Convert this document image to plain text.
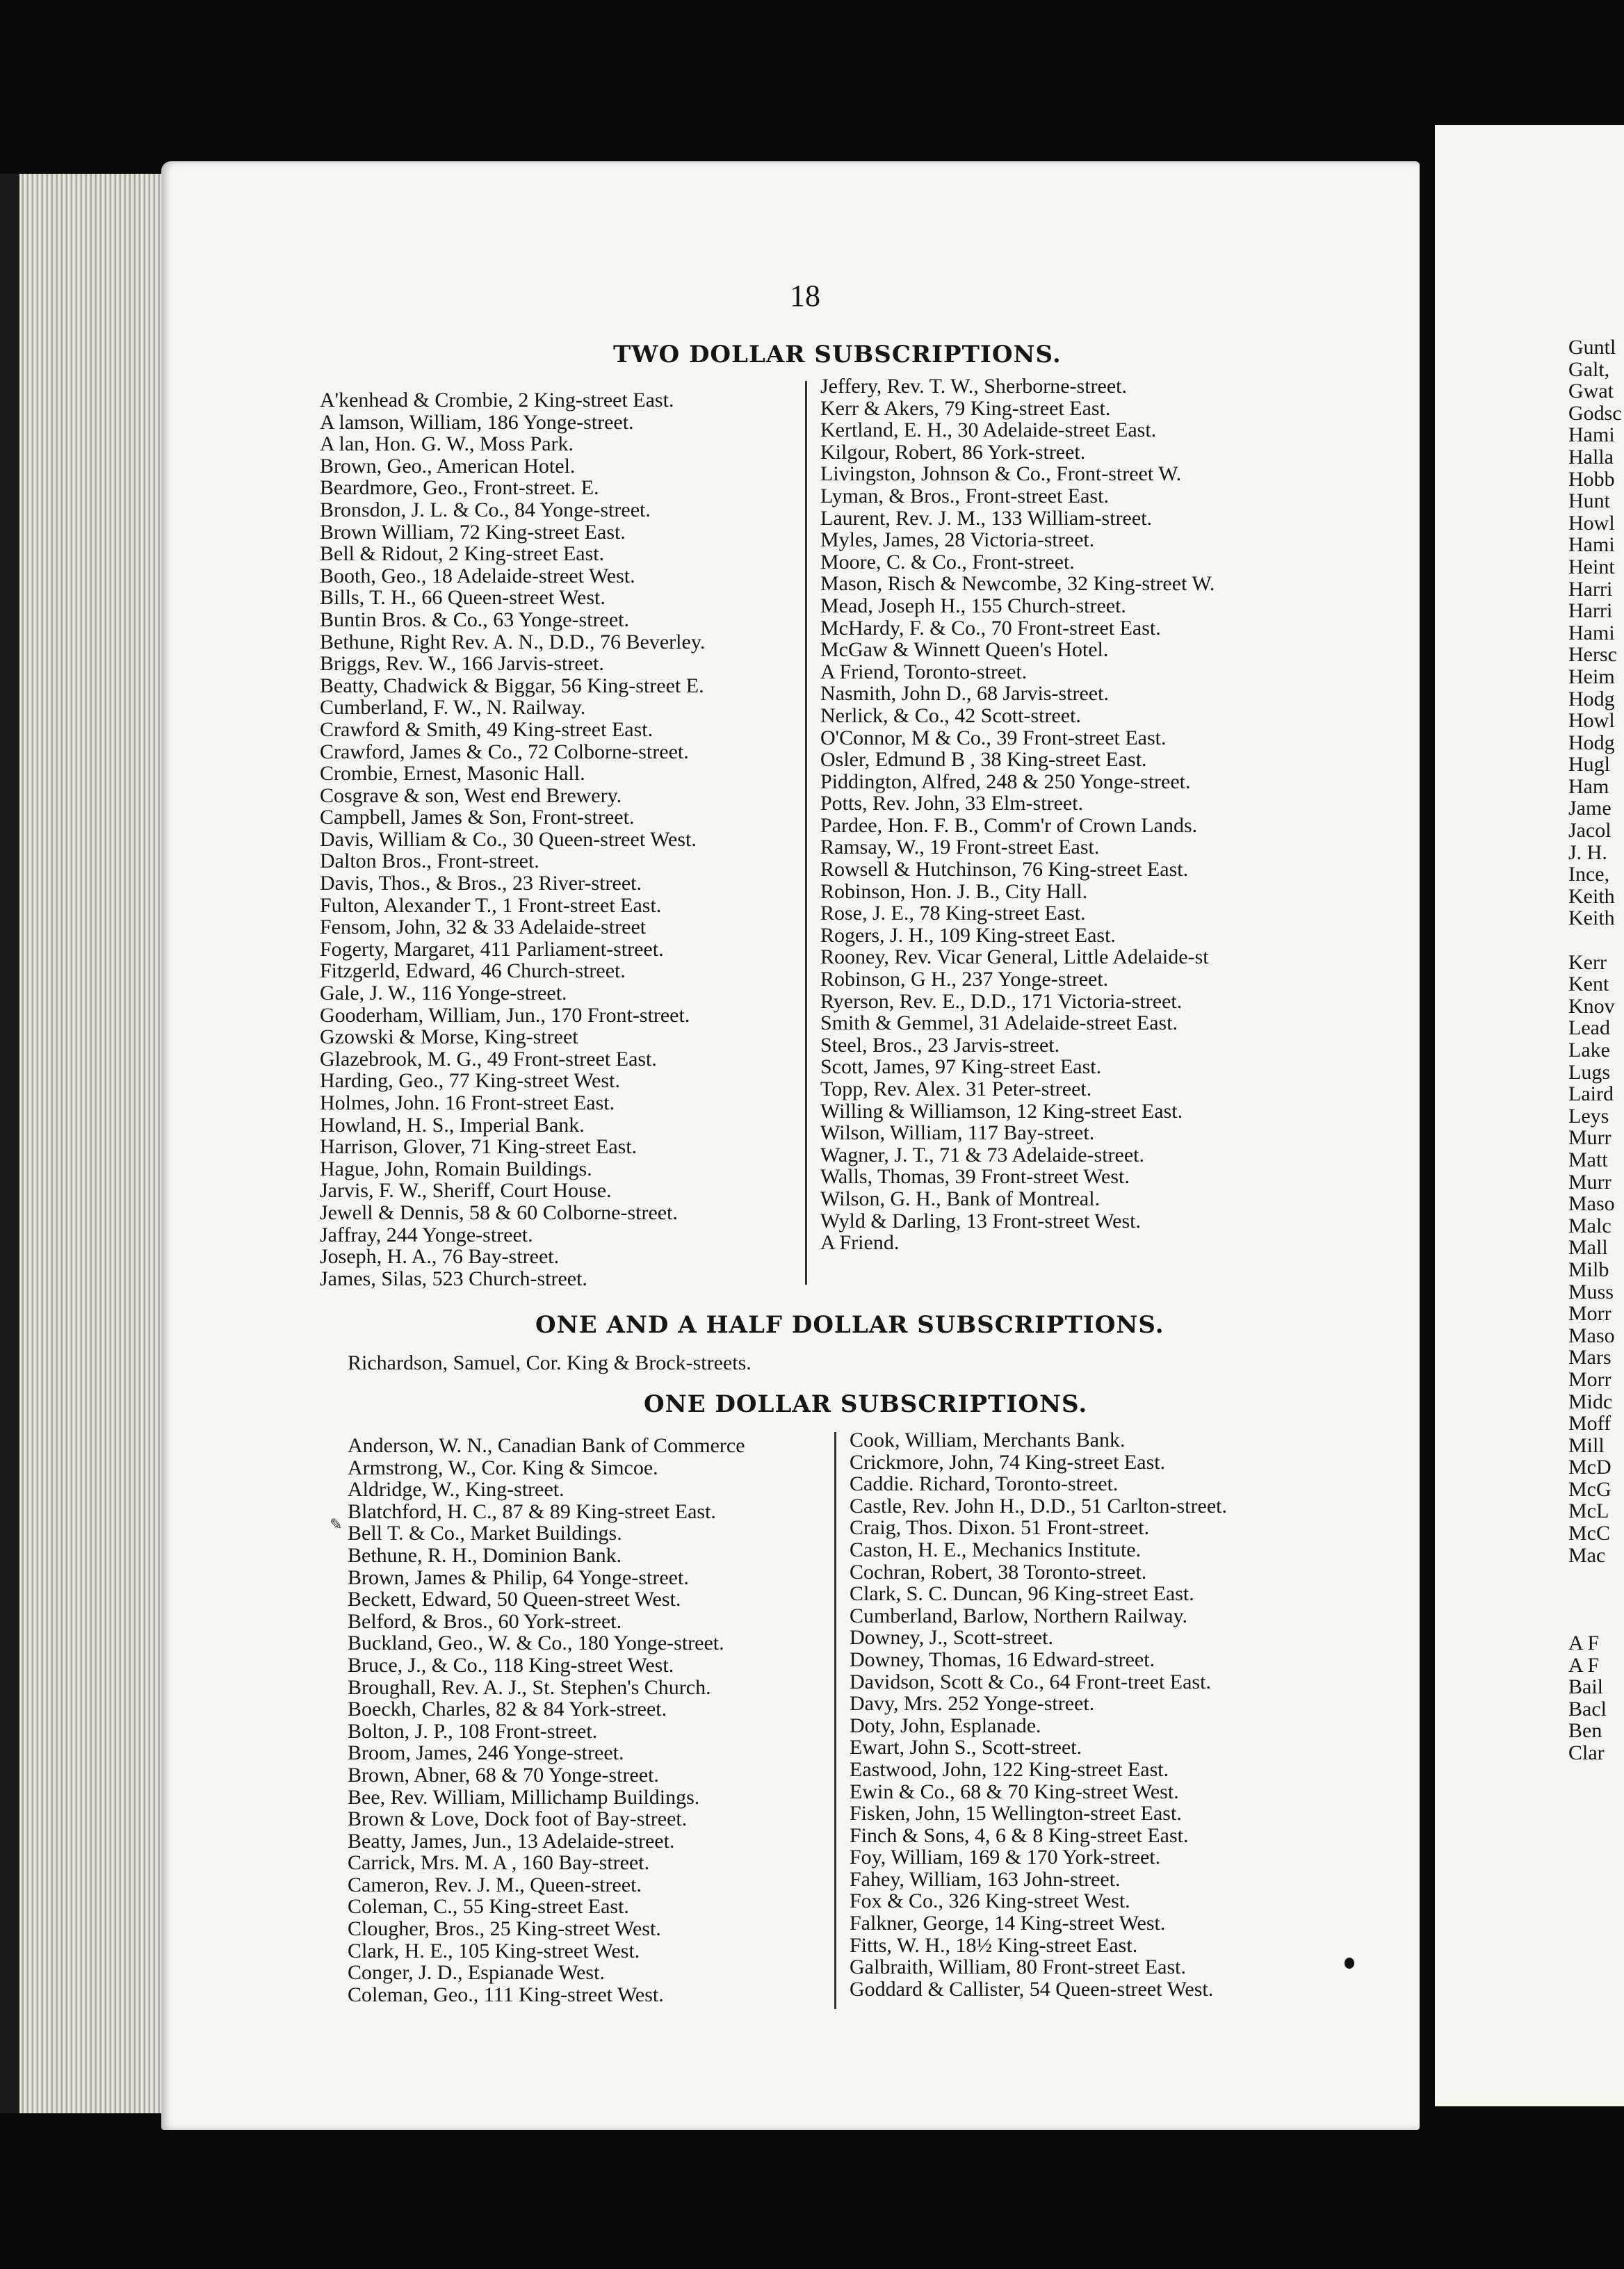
18
TWO DOLLAR SUBSCRIPTIONS.
A'kenhead & Crombie, 2 King-street East.
A lamson, William, 186 Yonge-street.
A lan, Hon. G. W., Moss Park.
Brown, Geo., American Hotel.
Beardmore, Geo., Front-street. E.
Bronsdon, J. L. & Co., 84 Yonge-street.
Brown William, 72 King-street East.
Bell & Ridout, 2 King-street East.
Booth, Geo., 18 Adelaide-street West.
Bills, T. H., 66 Queen-street West.
Buntin Bros. & Co., 63 Yonge-street.
Bethune, Right Rev. A. N., D.D., 76 Beverley.
Briggs, Rev. W., 166 Jarvis-street.
Beatty, Chadwick & Biggar, 56 King-street E.
Cumberland, F. W., N. Railway.
Crawford & Smith, 49 King-street East.
Crawford, James & Co., 72 Colborne-street.
Crombie, Ernest, Masonic Hall.
Cosgrave & son, West end Brewery.
Campbell, James & Son, Front-street.
Davis, William & Co., 30 Queen-street West.
Dalton Bros., Front-street.
Davis, Thos., & Bros., 23 River-street.
Fulton, Alexander T., 1 Front-street East.
Fensom, John, 32 & 33 Adelaide-street
Fogerty, Margaret, 411 Parliament-street.
Fitzgerld, Edward, 46 Church-street.
Gale, J. W., 116 Yonge-street.
Gooderham, William, Jun., 170 Front-street.
Gzowski & Morse, King-street
Glazebrook, M. G., 49 Front-street East.
Harding, Geo., 77 King-street West.
Holmes, John. 16 Front-street East.
Howland, H. S., Imperial Bank.
Harrison, Glover, 71 King-street East.
Hague, John, Romain Buildings.
Jarvis, F. W., Sheriff, Court House.
Jewell & Dennis, 58 & 60 Colborne-street.
Jaffray, 244 Yonge-street.
Joseph, H. A., 76 Bay-street.
James, Silas, 523 Church-street.
Jeffery, Rev. T. W., Sherborne-street.
Kerr & Akers, 79 King-street East.
Kertland, E. H., 30 Adelaide-street East.
Kilgour, Robert, 86 York-street.
Livingston, Johnson & Co., Front-street W.
Lyman, & Bros., Front-street East.
Laurent, Rev. J. M., 133 William-street.
Myles, James, 28 Victoria-street.
Moore, C. & Co., Front-street.
Mason, Risch & Newcombe, 32 King-street W.
Mead, Joseph H., 155 Church-street.
McHardy, F. & Co., 70 Front-street East.
McGaw & Winnett Queen's Hotel.
A Friend, Toronto-street.
Nasmith, John D., 68 Jarvis-street.
Nerlick, & Co., 42 Scott-street.
O'Connor, M & Co., 39 Front-street East.
Osler, Edmund B , 38 King-street East.
Piddington, Alfred, 248 & 250 Yonge-street.
Potts, Rev. John, 33 Elm-street.
Pardee, Hon. F. B., Comm'r of Crown Lands.
Ramsay, W., 19 Front-street East.
Rowsell & Hutchinson, 76 King-street East.
Robinson, Hon. J. B., City Hall.
Rose, J. E., 78 King-street East.
Rogers, J. H., 109 King-street East.
Rooney, Rev. Vicar General, Little Adelaide-st
Robinson, G H., 237 Yonge-street.
Ryerson, Rev. E., D.D., 171 Victoria-street.
Smith & Gemmel, 31 Adelaide-street East.
Steel, Bros., 23 Jarvis-street.
Scott, James, 97 King-street East.
Topp, Rev. Alex. 31 Peter-street.
Willing & Williamson, 12 King-street East.
Wilson, William, 117 Bay-street.
Wagner, J. T., 71 & 73 Adelaide-street.
Walls, Thomas, 39 Front-street West.
Wilson, G. H., Bank of Montreal.
Wyld & Darling, 13 Front-street West.
A Friend.
ONE AND A HALF DOLLAR SUBSCRIPTIONS.
Richardson, Samuel, Cor. King & Brock-streets.
ONE DOLLAR SUBSCRIPTIONS.
Anderson, W. N., Canadian Bank of Commerce
Armstrong, W., Cor. King & Simcoe.
Aldridge, W., King-street.
Blatchford, H. C., 87 & 89 King-street East.
Bell T. & Co., Market Buildings.
Bethune, R. H., Dominion Bank.
Brown, James & Philip, 64 Yonge-street.
Beckett, Edward, 50 Queen-street West.
Belford, & Bros., 60 York-street.
Buckland, Geo., W. & Co., 180 Yonge-street.
Bruce, J., & Co., 118 King-street West.
Broughall, Rev. A. J., St. Stephen's Church.
Boeckh, Charles, 82 & 84 York-street.
Bolton, J. P., 108 Front-street.
Broom, James, 246 Yonge-street.
Brown, Abner, 68 & 70 Yonge-street.
Bee, Rev. William, Millichamp Buildings.
Brown & Love, Dock foot of Bay-street.
Beatty, James, Jun., 13 Adelaide-street.
Carrick, Mrs. M. A , 160 Bay-street.
Cameron, Rev. J. M., Queen-street.
Coleman, C., 55 King-street East.
Clougher, Bros., 25 King-street West.
Clark, H. E., 105 King-street West.
Conger, J. D., Espianade West.
Coleman, Geo., 111 King-street West.
Cook, William, Merchants Bank.
Crickmore, John, 74 King-street East.
Caddie. Richard, Toronto-street.
Castle, Rev. John H., D.D., 51 Carlton-street.
Craig, Thos. Dixon. 51 Front-street.
Caston, H. E., Mechanics Institute.
Cochran, Robert, 38 Toronto-street.
Clark, S. C. Duncan, 96 King-street East.
Cumberland, Barlow, Northern Railway.
Downey, J., Scott-street.
Downey, Thomas, 16 Edward-street.
Davidson, Scott & Co., 64 Front-treet East.
Davy, Mrs. 252 Yonge-street.
Doty, John, Esplanade.
Ewart, John S., Scott-street.
Eastwood, John, 122 King-street East.
Ewin & Co., 68 & 70 King-street West.
Fisken, John, 15 Wellington-street East.
Finch & Sons, 4, 6 & 8 King-street East.
Foy, William, 169 & 170 York-street.
Fahey, William, 163 John-street.
Fox & Co., 326 King-street West.
Falkner, George, 14 King-street West.
Fitts, W. H., 18½ King-street East.
Galbraith, William, 80 Front-street East.
Goddard & Callister, 54 Queen-street West.
Guntl
Galt,
Gwat
Godsc
Hami
Halla
Hobb
Hunt
Howl
Hami
Heint
Harri
Harri
Hami
Hersc
Heim
Hodg
Howl
Hodg
Hugl
Ham
Jame
Jacol
J. H.
Ince,
Keith
Keith

Kerr
Kent
Knov
Lead
Lake
Lugs
Laird
Leys
Murr
Matt
Murr
Maso
Malc
Mall
Milb
Muss
Morr
Maso
Mars
Morr
Midc
Moff
Mill
McD
McG
McL
McC
Mac

A F
A F
Bail
Bacl
Ben
Clar
✎
